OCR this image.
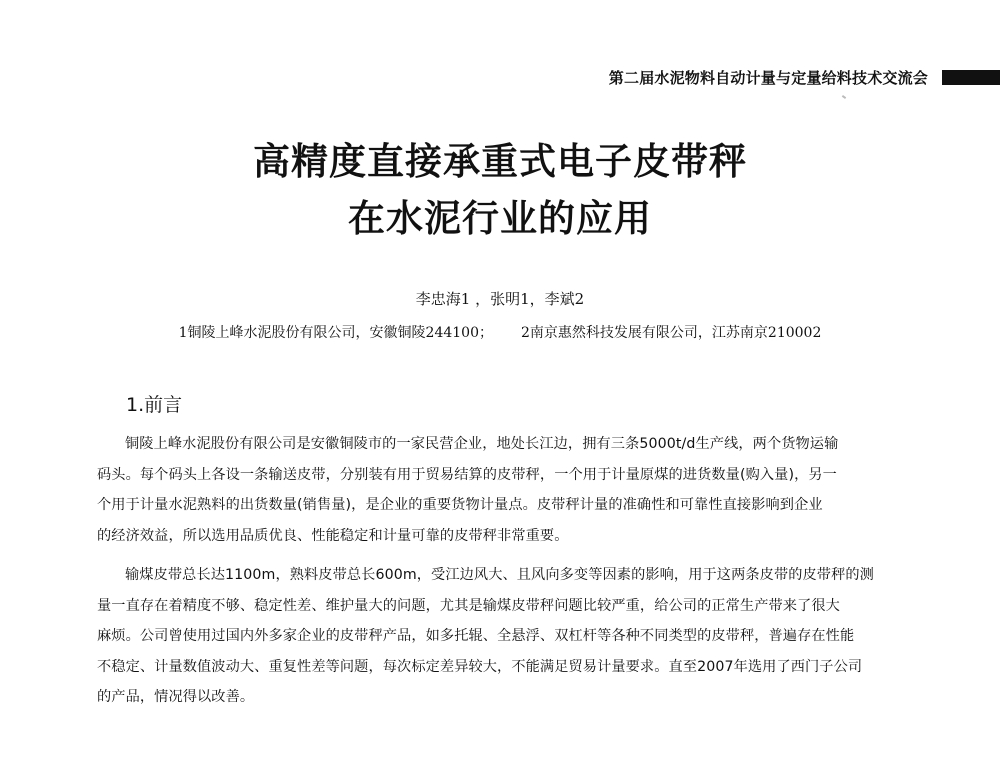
第二届水泥物料自动计量与定量给料技术交流会
高精度直接承重式电子皮带秤
在水泥行业的应用
李忠海1 ，张明1，李斌2
1铜陵上峰水泥股份有限公司，安徽铜陵244100； 2南京惠然科技发展有限公司，江苏南京210002
1.前言
铜陵上峰水泥股份有限公司是安徽铜陵市的一家民营企业，地处长江边，拥有三条5000t/d生产线，两个货物运输
码头。每个码头上各设一条输送皮带，分别装有用于贸易结算的皮带秤，一个用于计量原煤的进货数量(购入量)，另一
个用于计量水泥熟料的出货数量(销售量)，是企业的重要货物计量点。皮带秤计量的准确性和可靠性直接影响到企业
的经济效益，所以选用品质优良、性能稳定和计量可靠的皮带秤非常重要。
输煤皮带总长达1100m，熟料皮带总长600m，受江边风大、且风向多变等因素的影响，用于这两条皮带的皮带秤的测
量一直存在着精度不够、稳定性差、维护量大的问题，尤其是输煤皮带秤问题比较严重，给公司的正常生产带来了很大
麻烦。公司曾使用过国内外多家企业的皮带秤产品，如多托辊、全悬浮、双杠杆等各种不同类型的皮带秤，普遍存在性能
不稳定、计量数值波动大、重复性差等问题，每次标定差异较大，不能满足贸易计量要求。直至2007年选用了西门子公司
的产品，情况得以改善。
